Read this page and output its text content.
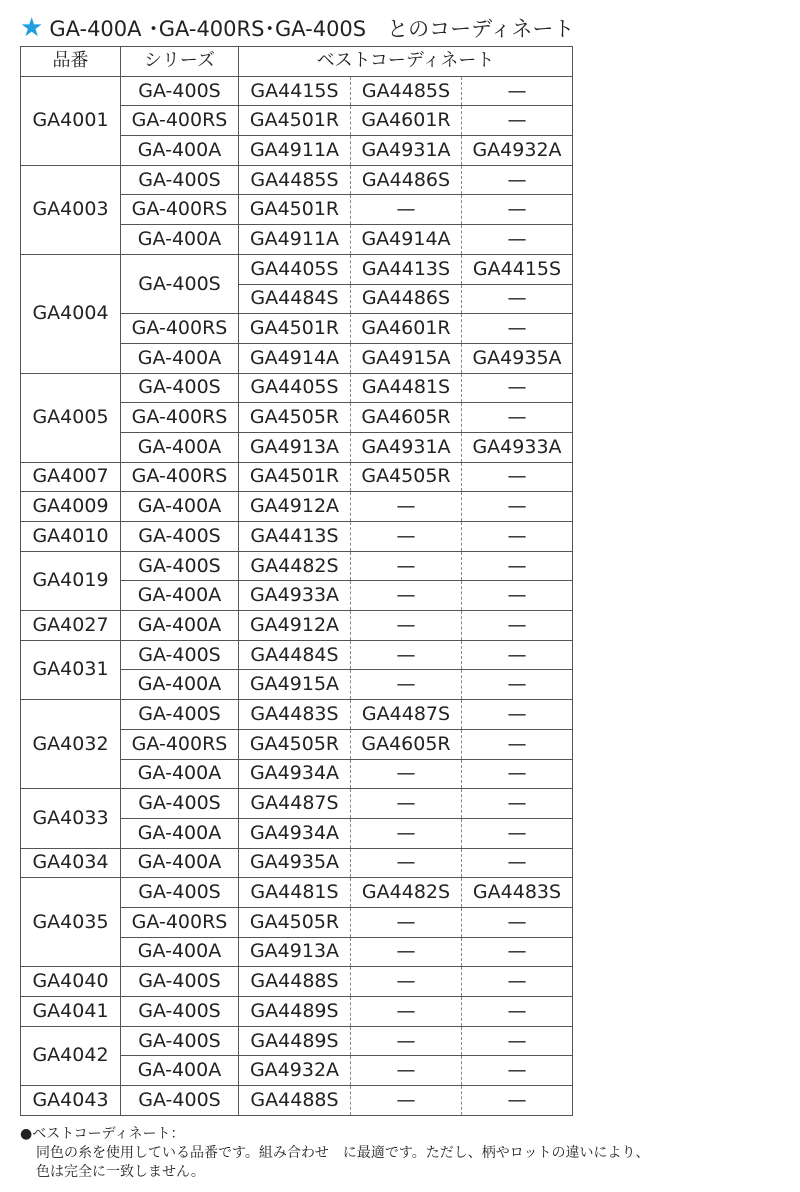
★ GA-400A ･GA-400RS･GA-400S　とのコーディネート
品番	シリーズ	ベストコーディネート		
GA4001	GA-400S	GA4415S	GA4485S	—
	GA-400RS	GA4501R	GA4601R	—
	GA-400A	GA4911A	GA4931A	GA4932A
GA4003	GA-400S	GA4485S	GA4486S	—
	GA-400RS	GA4501R	—	—
	GA-400A	GA4911A	GA4914A	—
GA4004	GA-400S	GA4405S	GA4413S	GA4415S
		GA4484S	GA4486S	—
	GA-400RS	GA4501R	GA4601R	—
	GA-400A	GA4914A	GA4915A	GA4935A
GA4005	GA-400S	GA4405S	GA4481S	—
	GA-400RS	GA4505R	GA4605R	—
	GA-400A	GA4913A	GA4931A	GA4933A
GA4007	GA-400RS	GA4501R	GA4505R	—
GA4009	GA-400A	GA4912A	—	—
GA4010	GA-400S	GA4413S	—	—
GA4019	GA-400S	GA4482S	—	—
	GA-400A	GA4933A	—	—
GA4027	GA-400A	GA4912A	—	—
GA4031	GA-400S	GA4484S	—	—
	GA-400A	GA4915A	—	—
GA4032	GA-400S	GA4483S	GA4487S	—
	GA-400RS	GA4505R	GA4605R	—
	GA-400A	GA4934A	—	—
GA4033	GA-400S	GA4487S	—	—
	GA-400A	GA4934A	—	—
GA4034	GA-400A	GA4935A	—	—
GA4035	GA-400S	GA4481S	GA4482S	GA4483S
	GA-400RS	GA4505R	—	—
	GA-400A	GA4913A	—	—
GA4040	GA-400S	GA4488S	—	—
GA4041	GA-400S	GA4489S	—	—
GA4042	GA-400S	GA4489S	—	—
	GA-400A	GA4932A	—	—
GA4043	GA-400S	GA4488S	—	—
●ベストコーディネート：
同色の糸を使用している品番です。組み合わせ　に最適です。ただし、柄やロットの違いにより、
色は完全に一致しません。
